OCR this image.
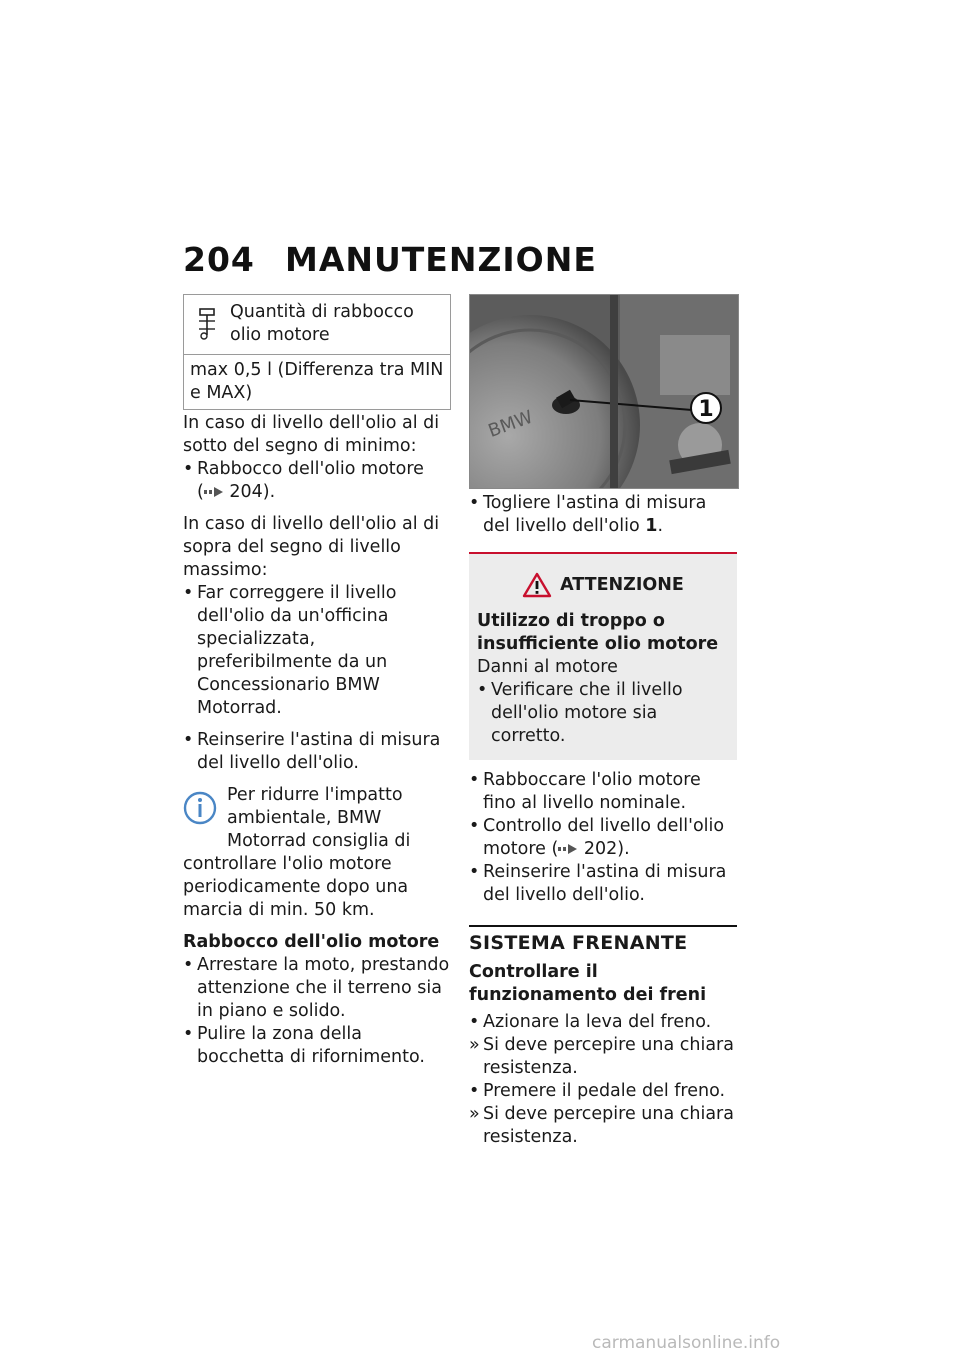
204 MANUTENZIONE
Quantità di rabbocco olio motore
max 0,5 l (Differenza tra MIN e MAX)

In caso di livello dell'olio al di sotto del segno di minimo:

• Rabbocco dell'olio motore
( 204).

In caso di livello dell'olio al di sopra del segno di livello massimo:

• Far correggere il livello dell'olio da un'officina specializzata, preferibilmente da un Concessionario BMW Motorrad.
• Reinserire l'astina di misura del livello dell'olio.
Per ridurre l'impatto ambientale, BMW Motorrad consiglia di controllare l'olio motore periodicamente dopo una marcia di min. 50 km.

Rabbocco dell'olio motore

• Arrestare la moto, prestando attenzione che il terreno sia in piano e solido.
• Pulire la zona della bocchetta di rifornimento.
BMW	1
• Togliere l'astina di misura del livello dell'olio 1.
ATTENZIONE

Utilizzo di troppo o insufficiente olio motore

Danni al motore

• Verificare che il livello dell'olio motore sia corretto.
• Rabboccare l'olio motore fino al livello nominale.
• Controllo del livello dell'olio motore ( 202).
• Reinserire l'astina di misura del livello dell'olio.
SISTEMA FRENANTE

Controllare il funzionamento dei freni

• Azionare la leva del freno.
» Si deve percepire una chiara resistenza.
• Premere il pedale del freno.
» Si deve percepire una chiara resistenza.
carmanualsonline.info
